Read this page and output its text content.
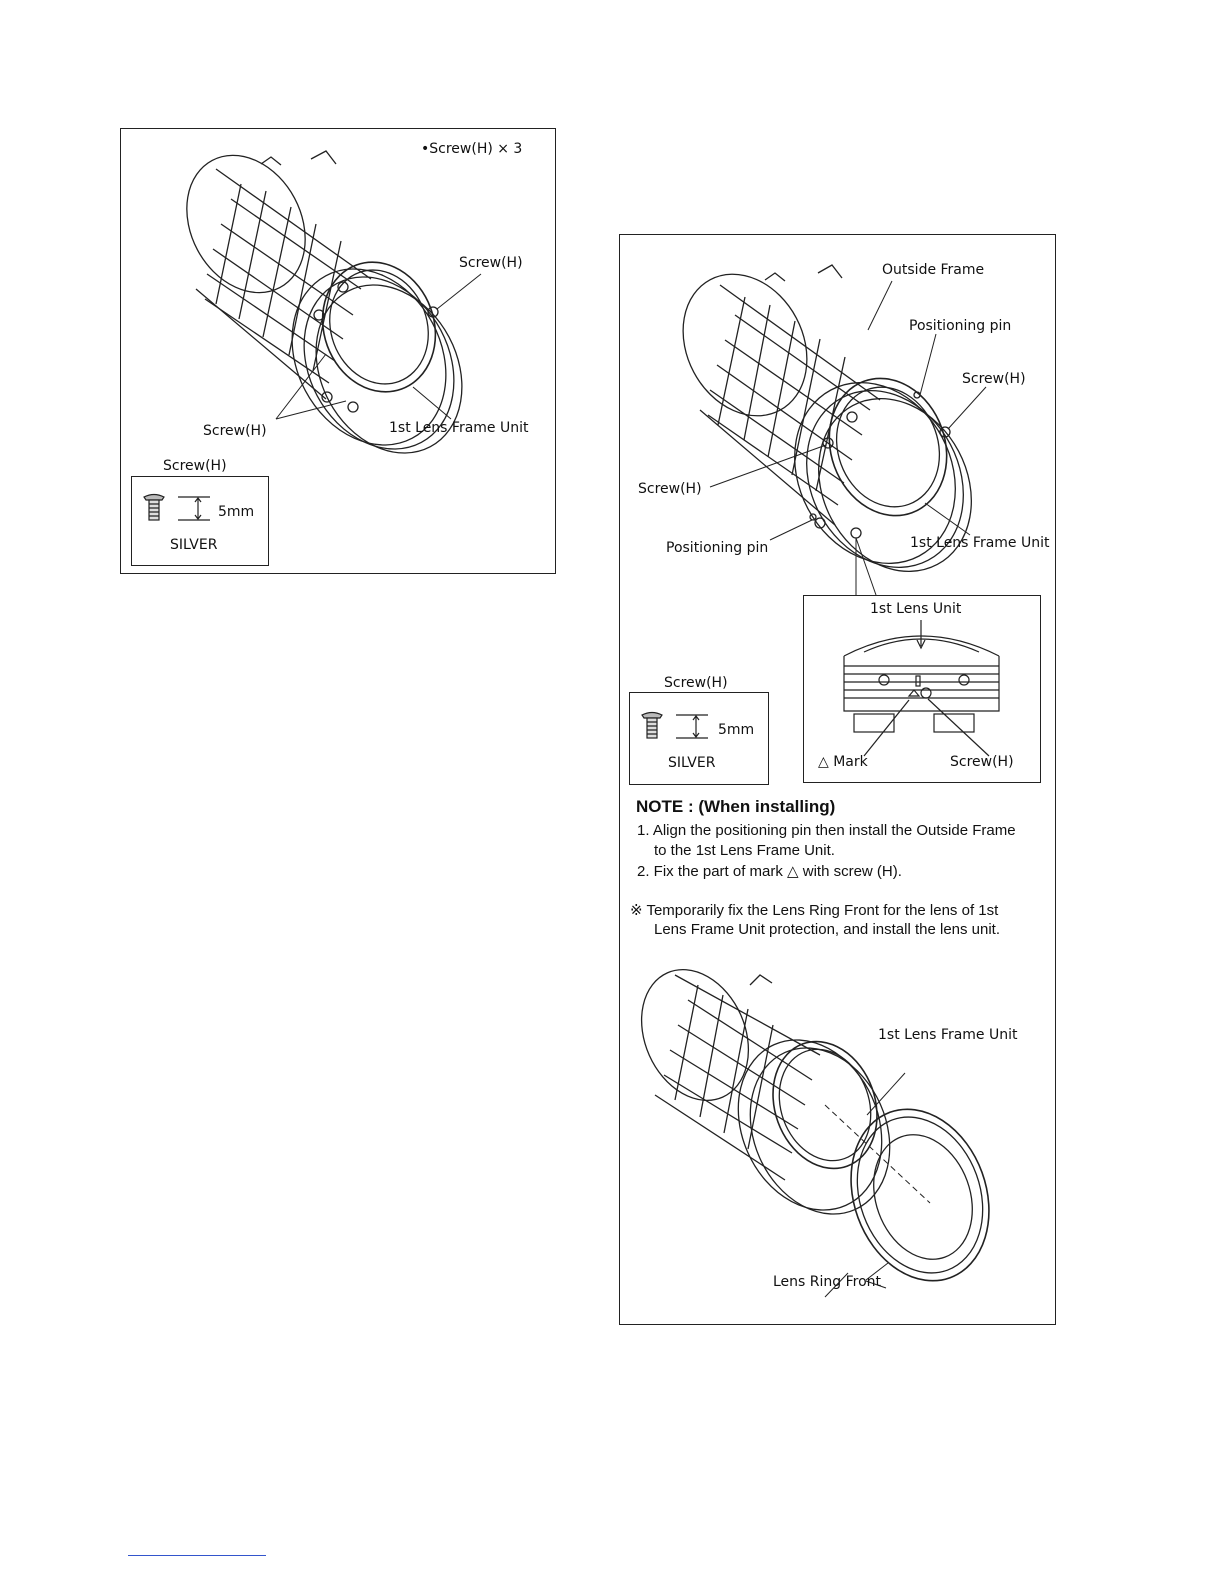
•Screw(H) × 3
Screw(H)
Screw(H)	1st Lens Frame Unit
Screw(H)
5mm
SILVER
Outside Frame
Positioning pin
Screw(H)
Screw(H)
Positioning pin	1st Lens Frame Unit
Screw(H)
5mm
SILVER
1st Lens Unit
△ Mark	Screw(H)
NOTE : (When installing)
1. Align the positioning pin then install the Outside Frame
to the 1st Lens Frame Unit.
2. Fix the part of mark △ with screw (H).
※ Temporarily fix the Lens Ring Front for the lens of 1st
Lens Frame Unit protection, and install the lens unit.
1st Lens Frame Unit
Lens Ring Front
